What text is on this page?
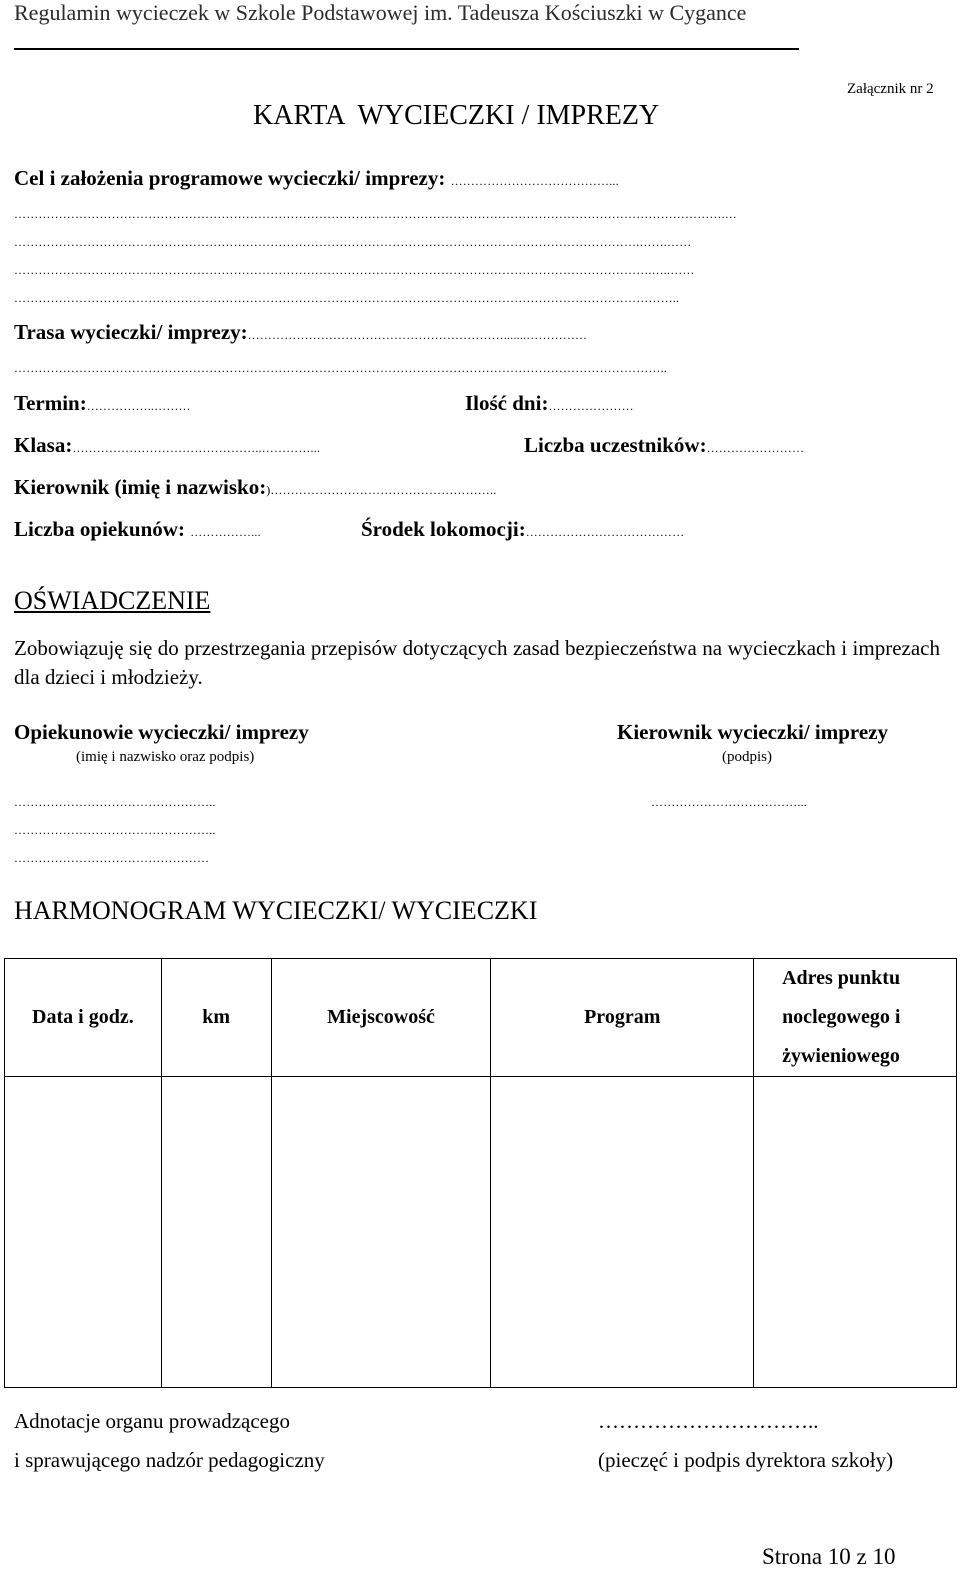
Regulamin wycieczek w Szkole Podstawowej im. Tadeusza Kościuszki w Cygance
Załącznik nr 2
KARTA  WYCIECZKI / IMPREZY
Cel i założenia programowe wycieczki/ imprezy: …………………………………...
………………………………………………………………………………………………………………………………………………………….…
……………………………………………………………………………………………………………………………………….…….……
………………………………………………………………………………………………………………………………………….…..……
………………………………………………………………………………………………………………………………………………..
Trasa wycieczki/ imprezy:……………………………………………………….......……………
……………………………………………………………………………………………………………………………………………..
Termin:……………..………	Ilość dni:…………………
Klasa:………………………………………..…………...	Liczba uczestników:……………………
Kierownik (imię i nazwisko:)………………………………………………..
Liczba opiekunów: ……………...	Środek lokomocji:…………………………………
OŚWIADCZENIE
Zobowiązuję się do przestrzegania przepisów dotyczących zasad bezpieczeństwa na wycieczkach i imprezach dla dzieci i młodzieży.
Opiekunowie wycieczki/ imprezy
(imię i nazwisko oraz podpis)
Kierownik wycieczki/ imprezy
(podpis)
…………………………………………..
…………………………………………..
…………………………………………
………………………………...
HARMONOGRAM WYCIECZKI/ WYCIECZKI
Data i godz.	km	Miejscowość	Program	Adres punktu
noclegowego i
żywieniowego

Adnotacje organu prowadzącego
i sprawującego nadzór pedagogiczny
…………………………..
(pieczęć i podpis dyrektora szkoły)
Strona 10 z 10
